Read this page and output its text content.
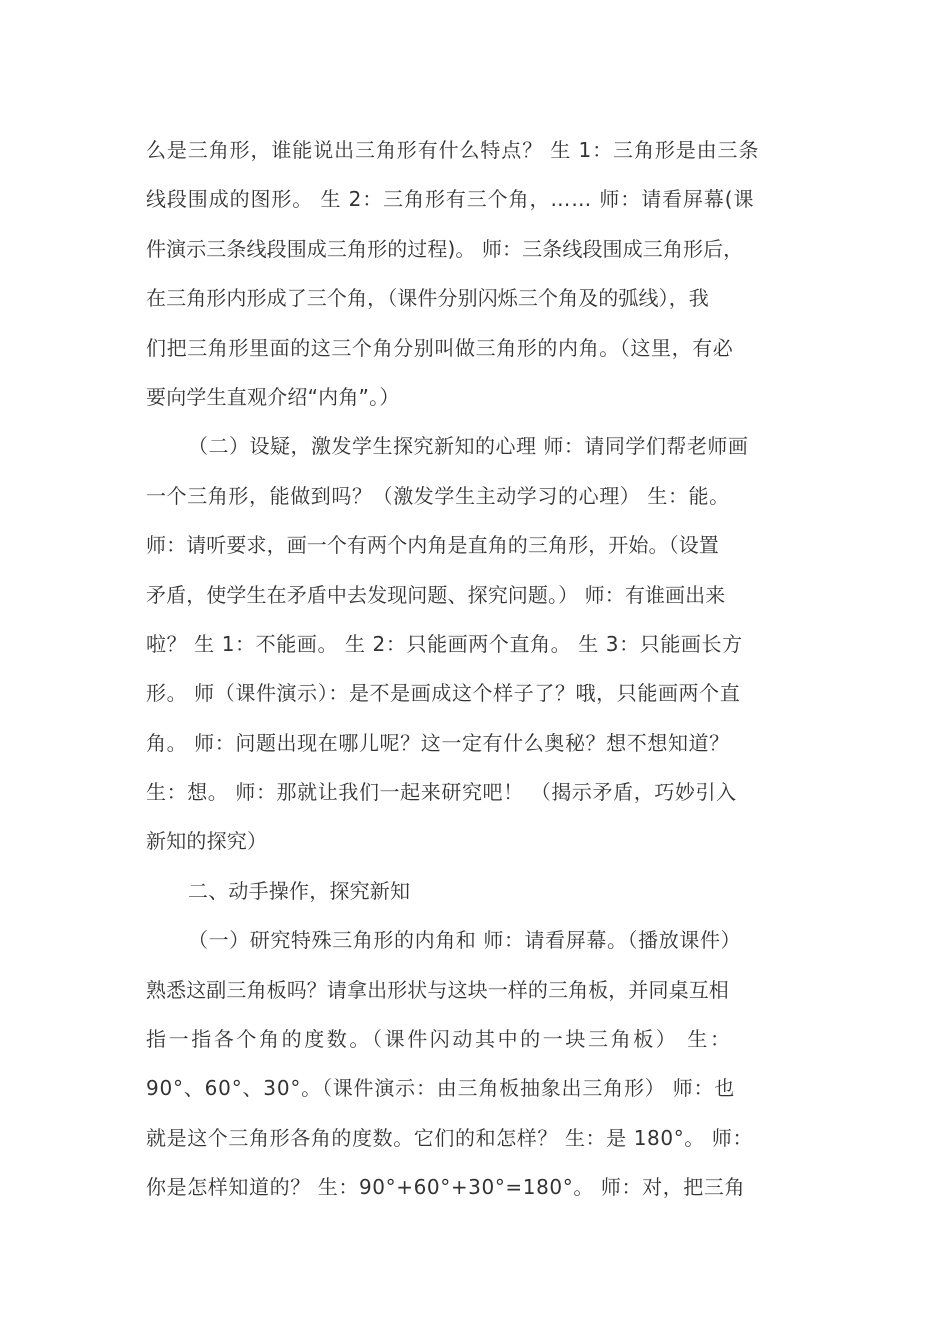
么是三角形，谁能说出三角形有什么特点？ 生 1：三角形是由三条
线段围成的图形。 生 2：三角形有三个角，…… 师：请看屏幕(课
件演示三条线段围成三角形的过程)。 师：三条线段围成三角形后，
在三角形内形成了三个角，（课件分别闪烁三个角及的弧线），我
们把三角形里面的这三个角分别叫做三角形的内角。（这里，有必
要向学生直观介绍“内角”。）
（二）设疑，激发学生探究新知的心理 师：请同学们帮老师画
一个三角形，能做到吗？（激发学生主动学习的心理） 生：能。
师：请听要求，画一个有两个内角是直角的三角形，开始。（设置
矛盾，使学生在矛盾中去发现问题、探究问题。） 师：有谁画出来
啦？ 生 1：不能画。 生 2：只能画两个直角。 生 3：只能画长方
形。 师（课件演示）：是不是画成这个样子了？哦，只能画两个直
角。 师：问题出现在哪儿呢？这一定有什么奥秘？想不想知道？
生：想。 师：那就让我们一起来研究吧！ （揭示矛盾，巧妙引入
新知的探究）
二、动手操作，探究新知
（一）研究特殊三角形的内角和 师：请看屏幕。（播放课件）
熟悉这副三角板吗？请拿出形状与这块一样的三角板，并同桌互相
指一指各个角的度数。（课件闪动其中的一块三角板） 生：
90°、60°、30°。（课件演示：由三角板抽象出三角形） 师：也
就是这个三角形各角的度数。它们的和怎样？ 生：是 180°。 师：
你是怎样知道的？ 生：90°+60°+30°=180°。 师：对，把三角
